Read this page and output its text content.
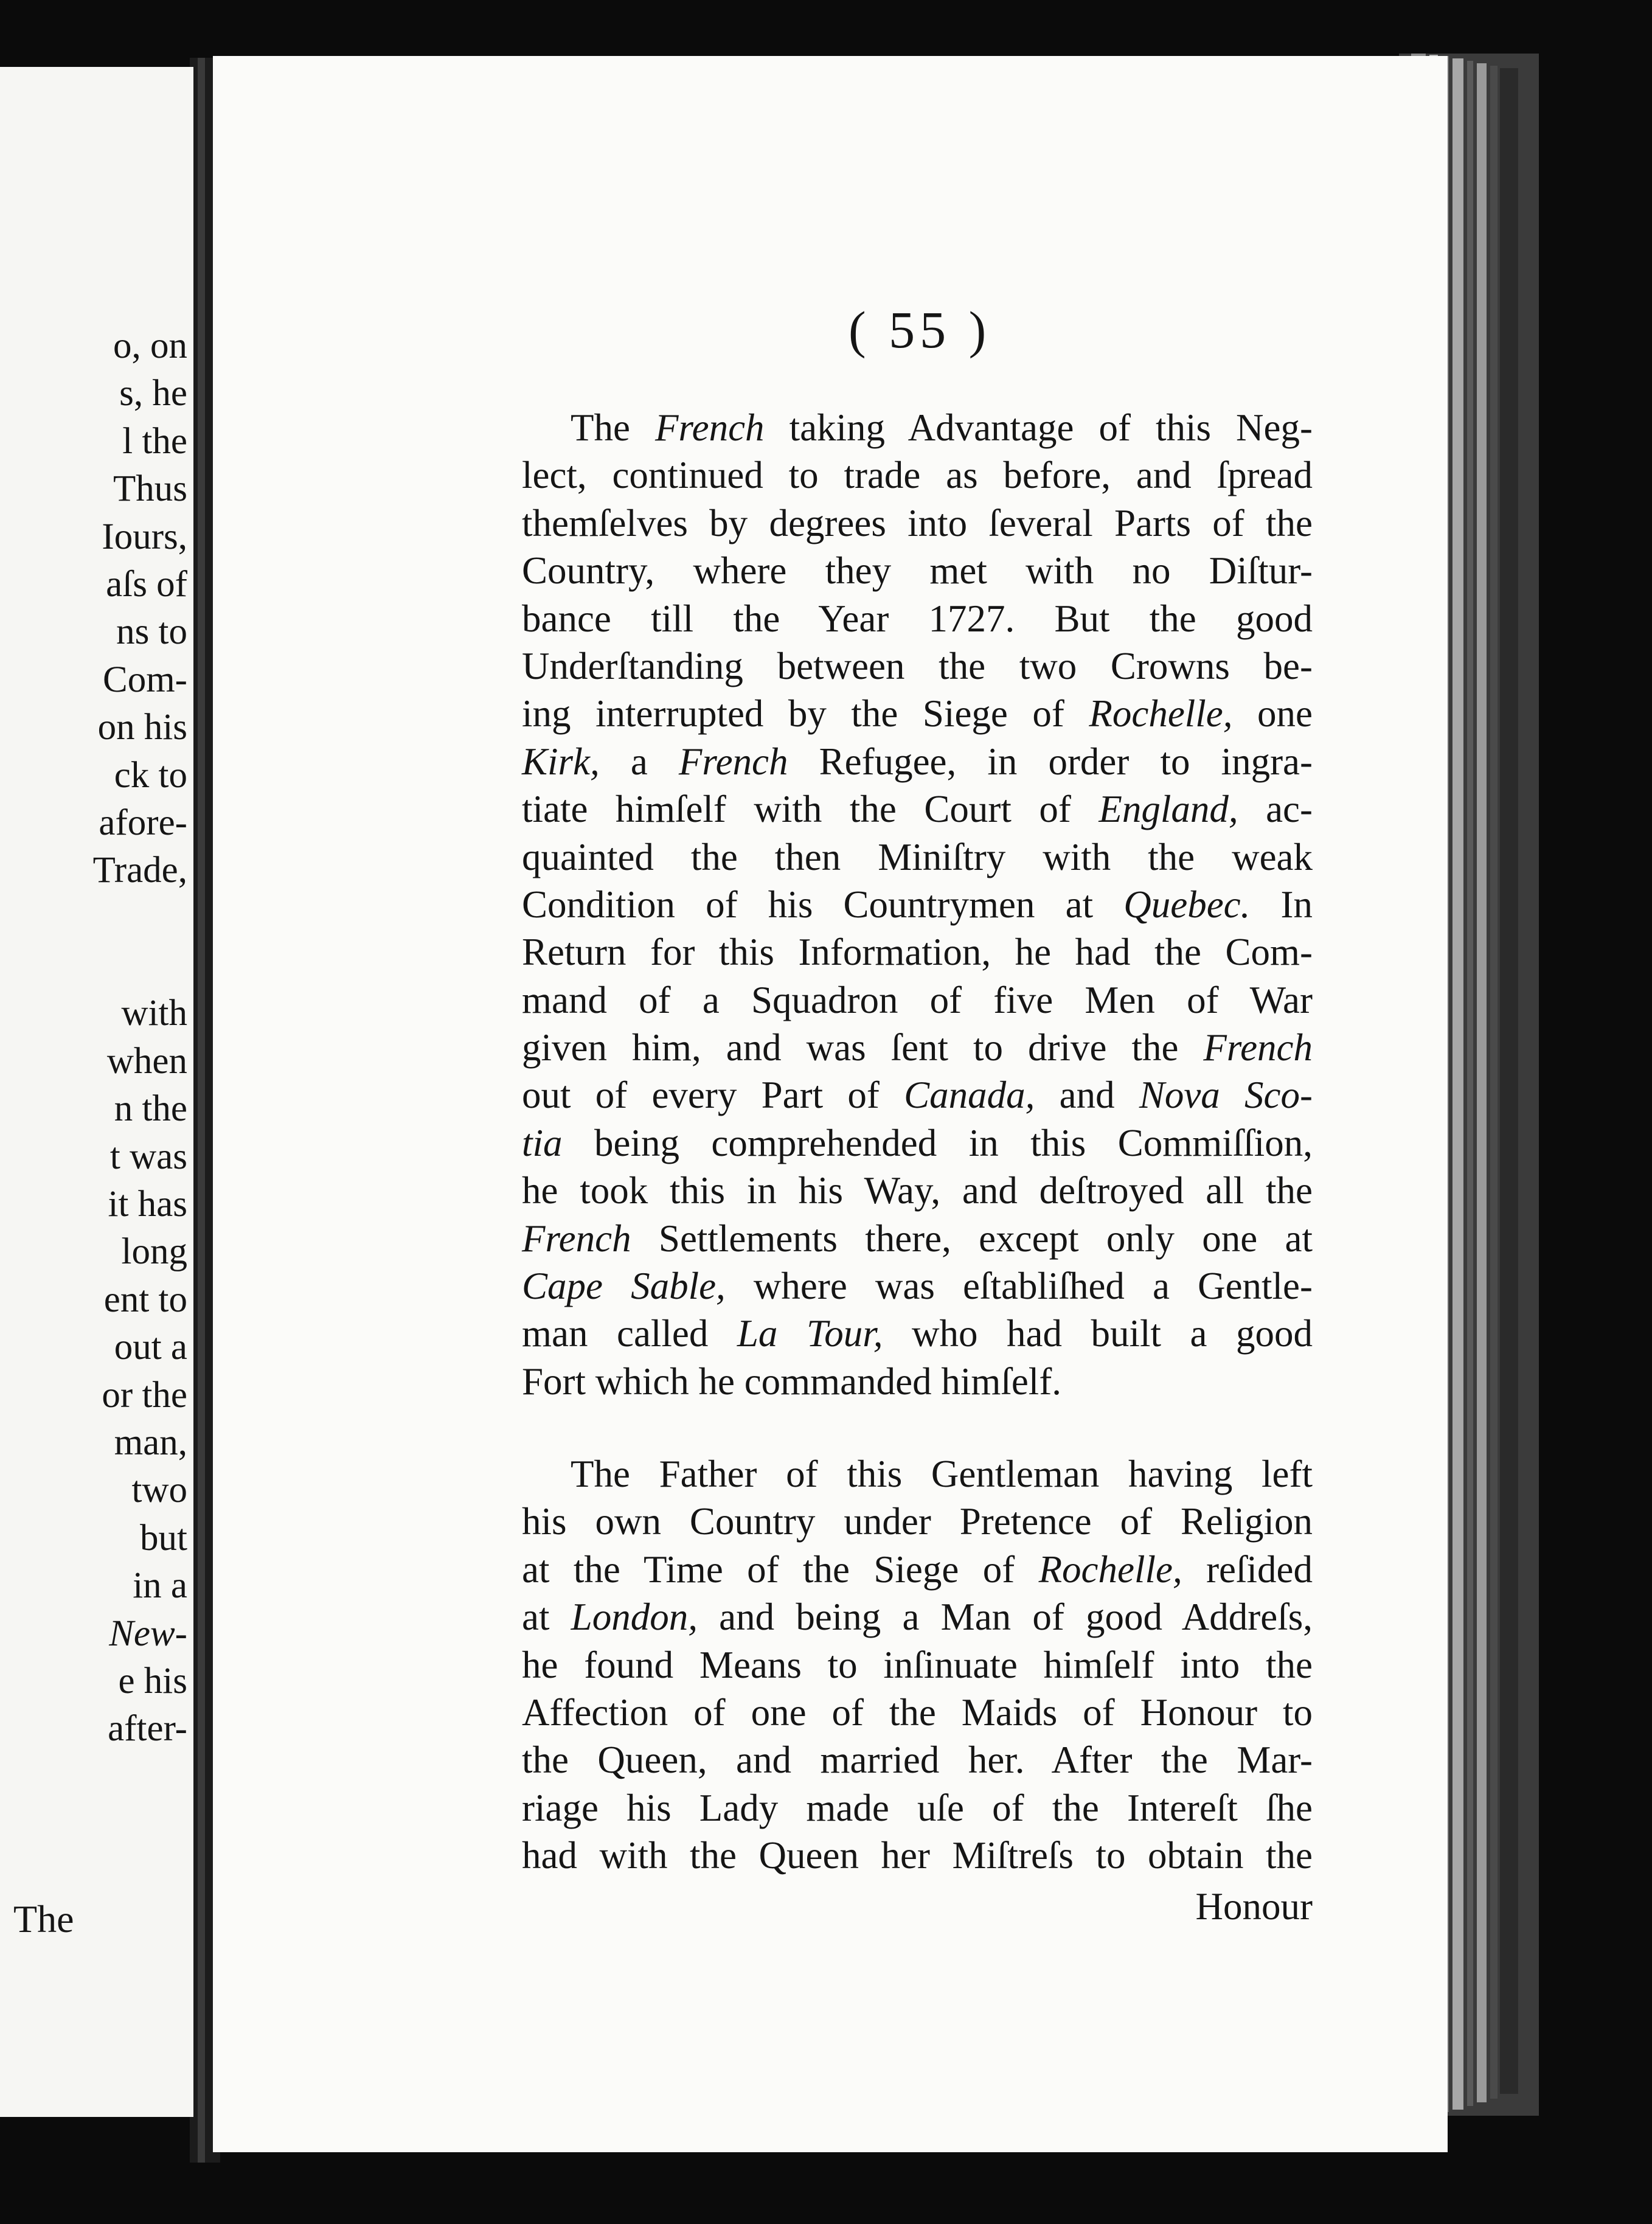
o, on
s, he
l the
Thus
Iours,
aſs of
ns to
Com-
on his
ck to
afore-
Trade,
with
when
n the
t was
it has
long
ent to
out a
or the
man,
two
but
in a
New-
e his
after-
The
( 55 )
The French taking Advantage of this Neg-
lect, continued to trade as before, and ſpread
themſelves by degrees into ſeveral Parts of the
Country, where they met with no Diſtur-
bance till the Year 1727. But the good
Underſtanding between the two Crowns be-
ing interrupted by the Siege of Rochelle, one
Kirk, a French Refugee, in order to ingra-
tiate himſelf with the Court of England, ac-
quainted the then Miniſtry with the weak
Condition of his Countrymen at Quebec. In
Return for this Information, he had the Com-
mand of a Squadron of five Men of War
given him, and was ſent to drive the French
out of every Part of Canada, and Nova Sco-
tia being comprehended in this Commiſſion,
he took this in his Way, and deſtroyed all the
French Settlements there, except only one at
Cape Sable, where was eſtabliſhed a Gentle-
man called La Tour, who had built a good
Fort which he commanded himſelf.
The Father of this Gentleman having left
his own Country under Pretence of Religion
at the Time of the Siege of Rochelle, reſided
at London, and being a Man of good Addreſs,
he found Means to inſinuate himſelf into the
Affection of one of the Maids of Honour to
the Queen, and married her. After the Mar-
riage his Lady made uſe of the Intereſt ſhe
had with the Queen her Miſtreſs to obtain the
Honour
